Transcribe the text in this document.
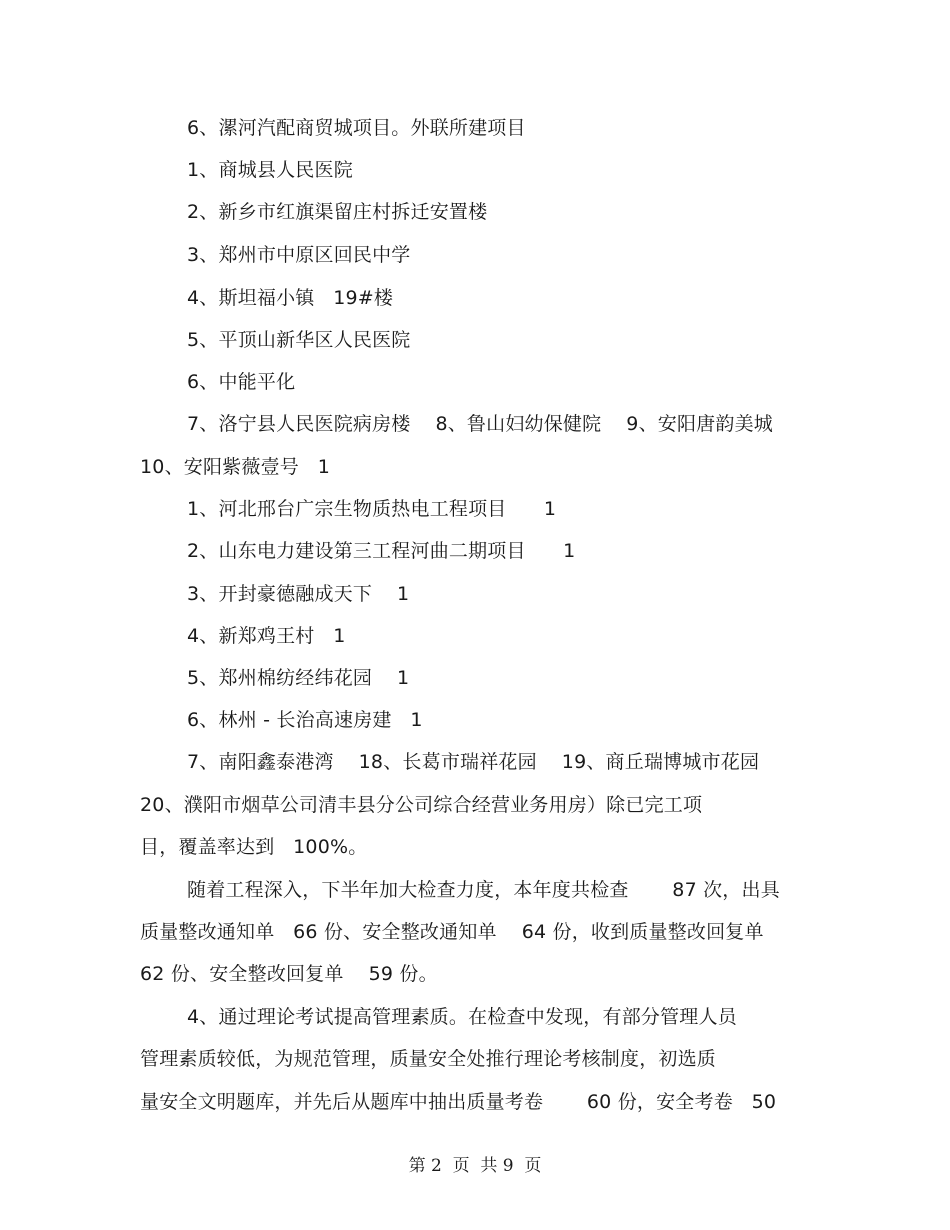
6、漯河汽配商贸城项目。外联所建项目
1、商城县人民医院
2、新乡市红旗渠留庄村拆迁安置楼
3、郑州市中原区回民中学
4、斯坦福小镇   19#楼
5、平顶山新华区人民医院
6、中能平化
7、洛宁县人民医院病房楼    8、鲁山妇幼保健院    9、安阳唐韵美城
10、安阳紫薇壹号   1
1、河北邢台广宗生物质热电工程项目      1
2、山东电力建设第三工程河曲二期项目      1
3、开封豪德融成天下    1
4、新郑鸡王村   1
5、郑州棉纺经纬花园    1
6、林州 - 长治高速房建   1
7、南阳鑫泰港湾    18、长葛市瑞祥花园    19、商丘瑞博城市花园
20、濮阳市烟草公司清丰县分公司综合经营业务用房）除已完工项
目，覆盖率达到   100%。
随着工程深入，下半年加大检查力度，本年度共检查       87 次，出具
质量整改通知单   66 份、安全整改通知单    64 份，收到质量整改回复单
62 份、安全整改回复单    59 份。
4、通过理论考试提高管理素质。在检查中发现，有部分管理人员
管理素质较低，为规范管理，质量安全处推行理论考核制度，初选质
量安全文明题库，并先后从题库中抽出质量考卷       60 份，安全考卷   50
第 2  页  共 9  页
